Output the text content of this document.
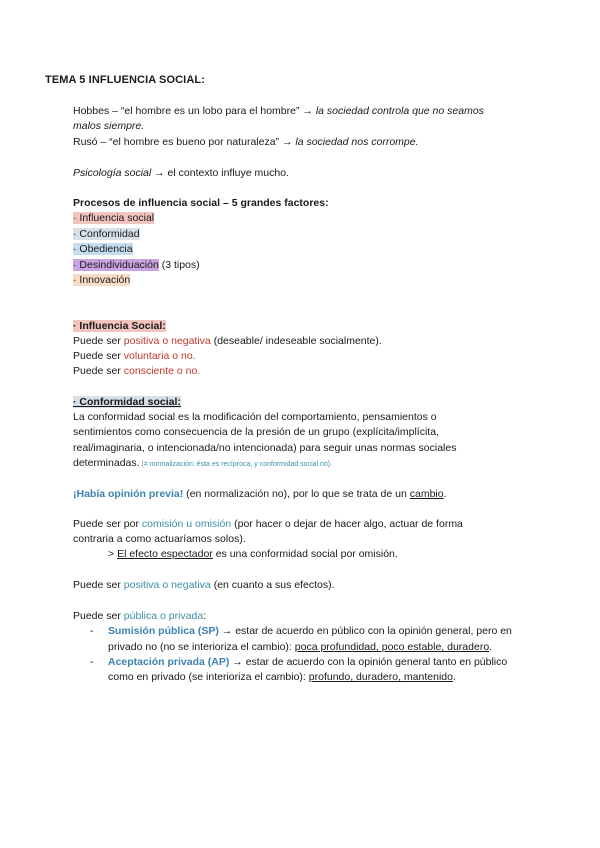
TEMA 5 INFLUENCIA SOCIAL:
Hobbes – “el hombre es un lobo para el hombre” → la sociedad controla que no seamos
malos siempre.
Rusó – “el hombre es bueno por naturaleza” → la sociedad nos corrompe.
Psicología social → el contexto influye mucho.
Procesos de influencia social – 5 grandes factores:
· Influencia social
· Conformidad
· Obediencia
· Desindividuación (3 tipos)
· Innovación
· Influencia Social:
Puede ser positiva o negativa (deseable/ indeseable socialmente).
Puede ser voluntaria o no.
Puede ser consciente o no.
· Conformidad social:
La conformidad social es la modificación del comportamiento, pensamientos o
sentimientos como consecuencia de la presión de un grupo (explícita/implícita,
real/imaginaria, o intencionada/no intencionada) para seguir unas normas sociales
determinadas. (≠ normalización: ésta es recíproca, y conformidad social no).
¡Había opinión previa! (en normalización no), por lo que se trata de un cambio.
Puede ser por comisión u omisión (por hacer o dejar de hacer algo, actuar de forma
contraria a como actuaríamos solos).
> El efecto espectador es una conformidad social por omisión.
Puede ser positiva o negativa (en cuanto a sus efectos).
Puede ser pública o privada:
- Sumisión pública (SP) → estar de acuerdo en público con la opinión general, pero en
privado no (no se interioriza el cambio): poca profundidad, poco estable, duradero.
- Aceptación privada (AP) → estar de acuerdo con la opinión general tanto en público
como en privado (se interioriza el cambio): profundo, duradero, mantenido.
